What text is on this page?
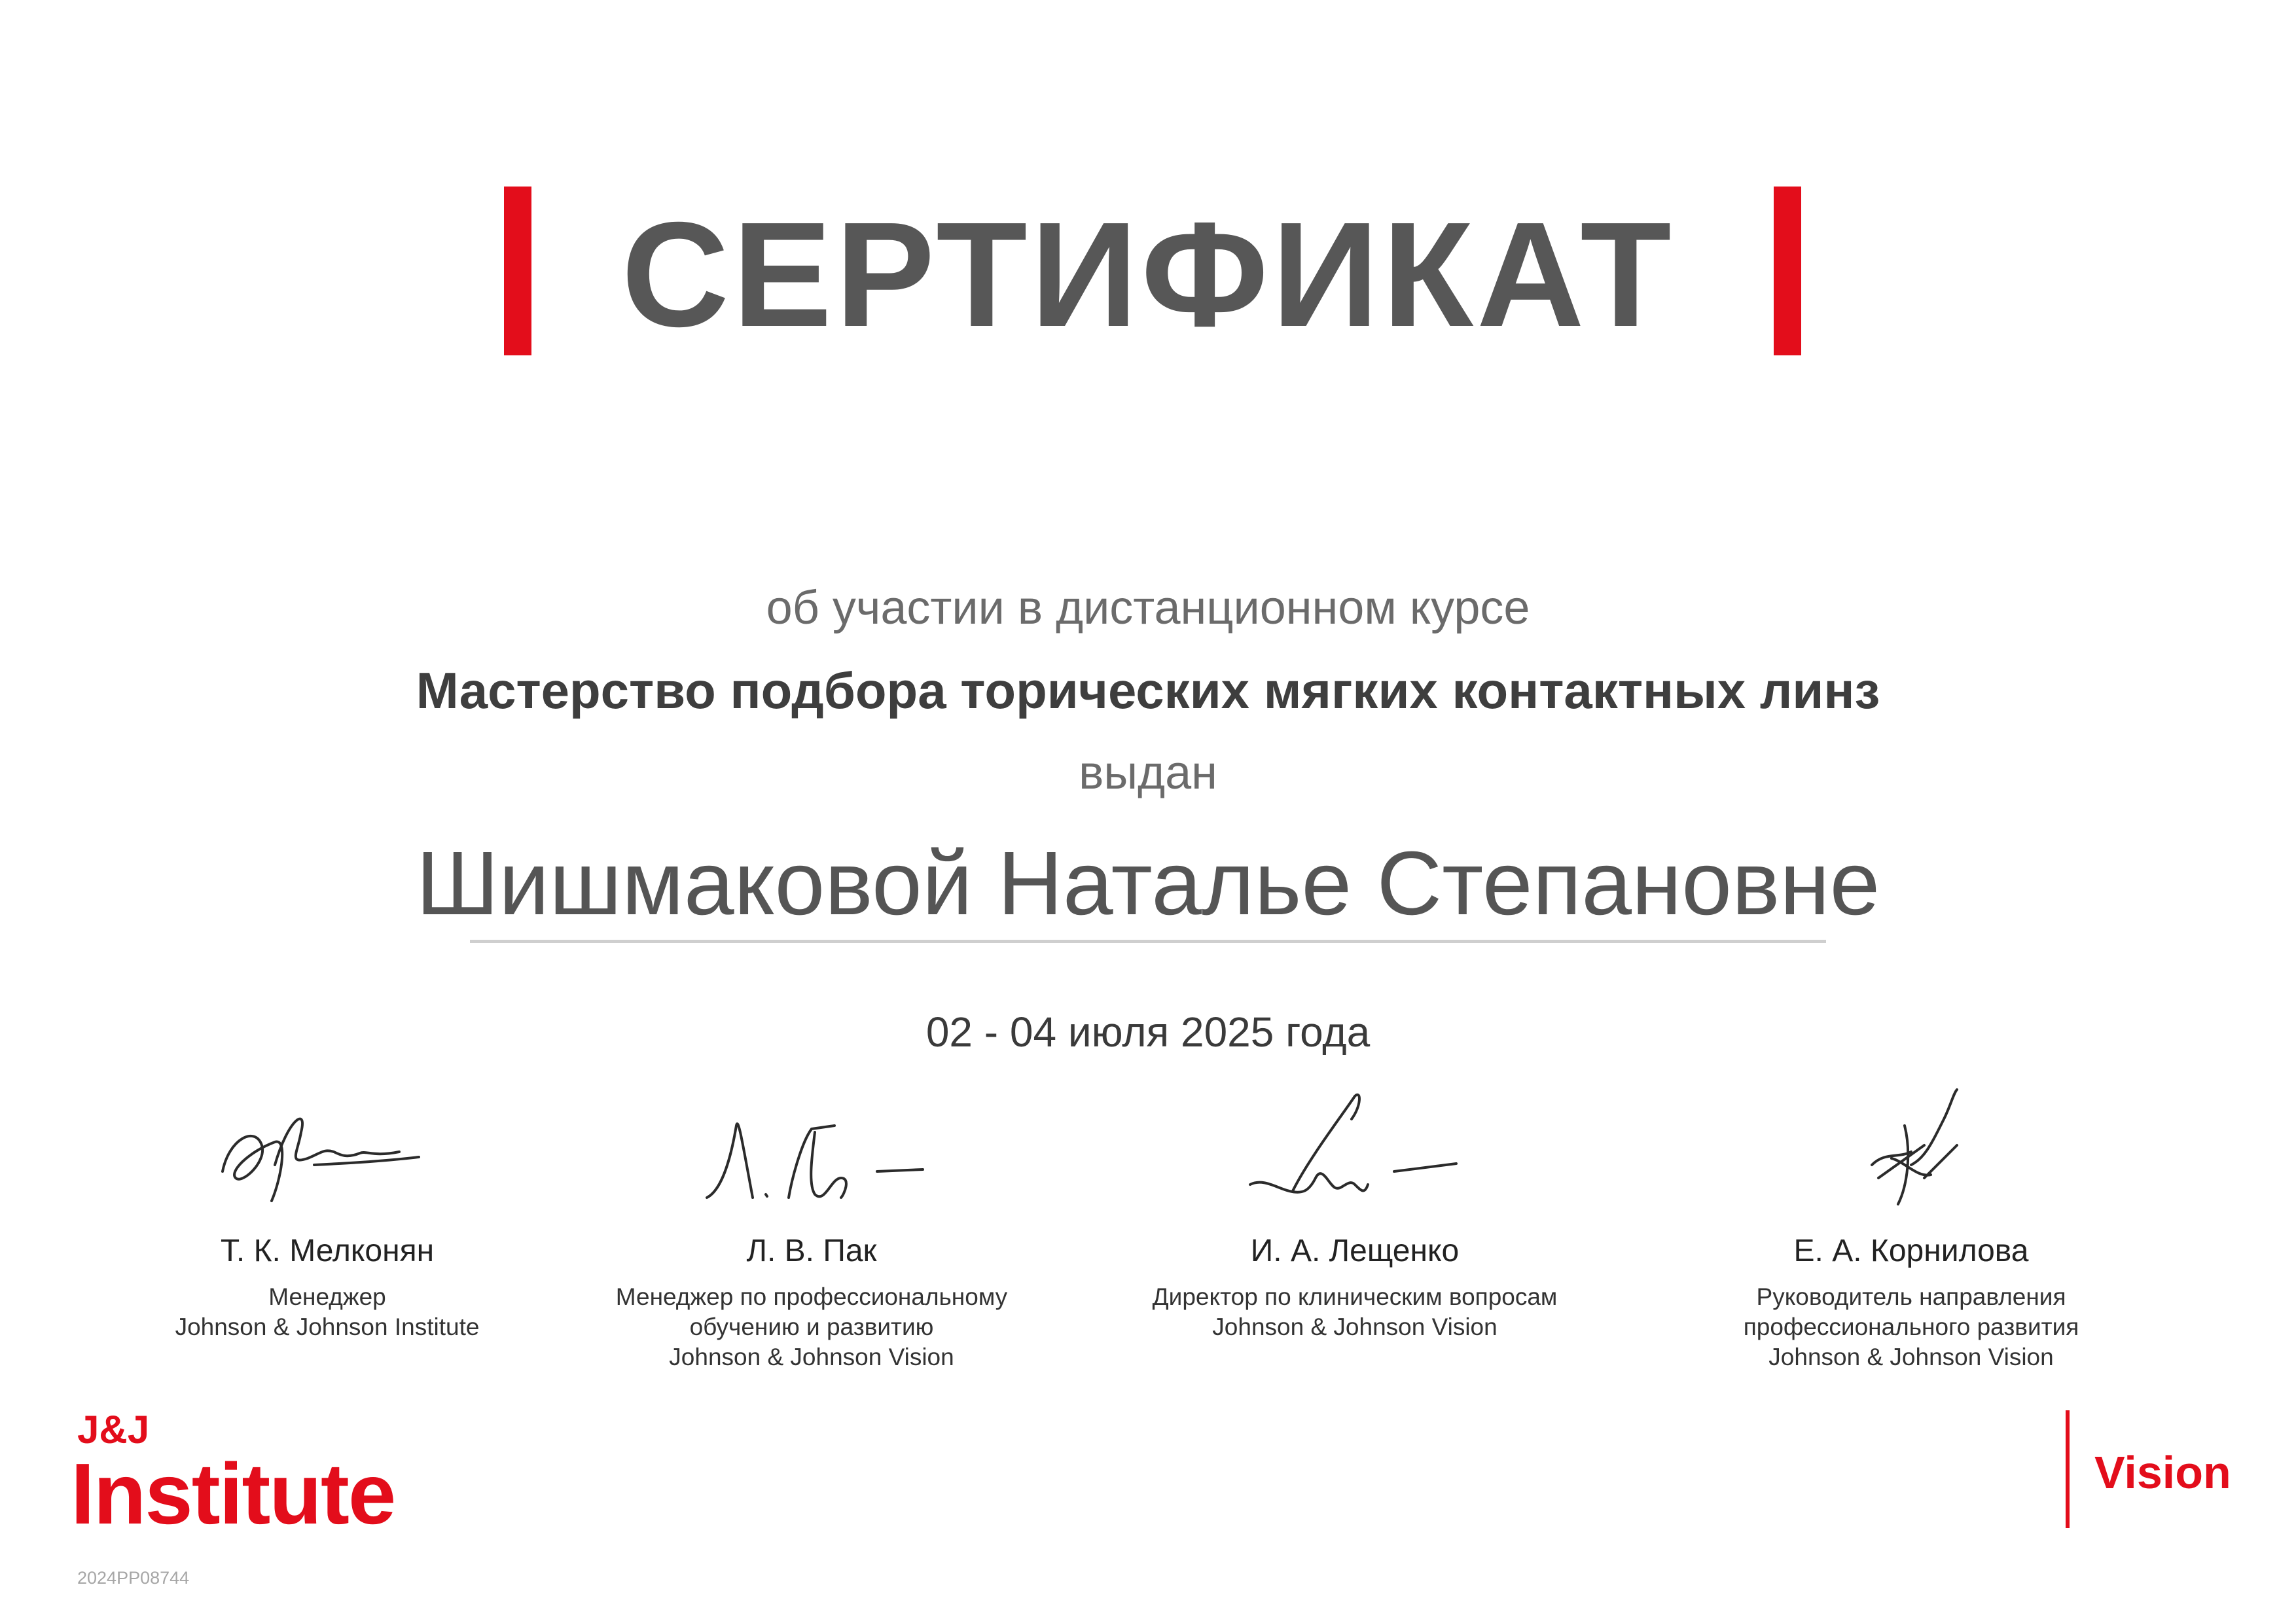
СЕРТИФИКАТ
об участии в дистанционном курсе
Мастерство подбора торических мягких контактных линз
выдан
Шишмаковой Наталье Степановне
02 - 04 июля 2025 года
Т. К. Мелконян
Менеджер
Johnson & Johnson Institute
Л. В. Пак
Менеджер по профессиональному
обучению и развитию
Johnson & Johnson Vision
И. А. Лещенко
Директор по клиническим вопросам
Johnson & Johnson Vision
Е. А. Корнилова
Руководитель направления
профессионального развития
Johnson & Johnson Vision
J&J
Institute
2024PP08744
Vision
